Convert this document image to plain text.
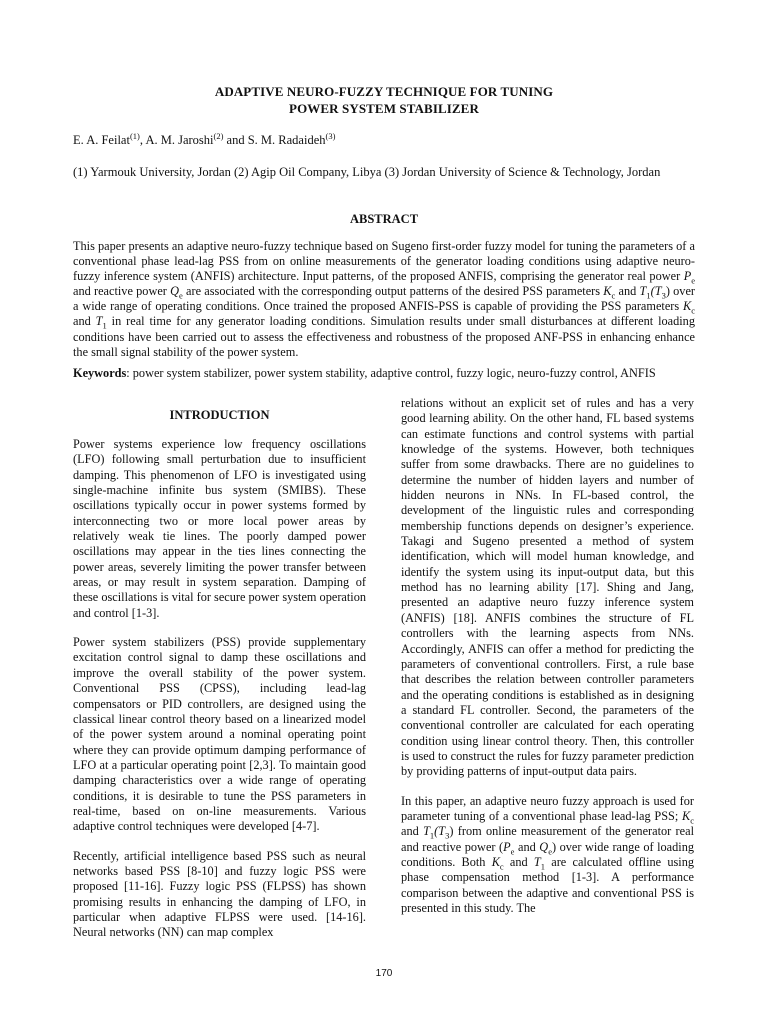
ADAPTIVE NEURO-FUZZY TECHNIQUE FOR TUNING
POWER SYSTEM STABILIZER
E. A. Feilat$^{(1)}$, A. M. Jaroshi$^{(2)}$ and S. M. Radaideh$^{(3)}$
(1) Yarmouk University, Jordan (2) Agip Oil Company, Libya (3) Jordan University of Science & Technology, Jordan
ABSTRACT
This paper presents an adaptive neuro-fuzzy technique based on Sugeno first-order fuzzy model for tuning the parameters of a conventional phase lead-lag PSS from on online measurements of the generator loading conditions using adaptive neuro-fuzzy inference system (ANFIS) architecture. Input patterns, of the proposed ANFIS, comprising the generator real power $P_e$ and reactive power $Q_e$ are associated with the corresponding output patterns of the desired PSS parameters $K_c$ and $T_1(T_3)$ over a wide range of operating conditions. Once trained the proposed ANFIS-PSS is capable of providing the PSS parameters $K_c$ and $T_1$ in real time for any generator loading conditions. Simulation results under small disturbances at different loading conditions have been carried out to assess the effectiveness and robustness of the proposed ANF-PSS in enhancing enhance the small signal stability of the power system.
Keywords: power system stabilizer, power system stability, adaptive control, fuzzy logic, neuro-fuzzy control, ANFIS
INTRODUCTION

Power systems experience low frequency oscillations (LFO) following small perturbation due to insufficient damping. This phenomenon of LFO is investigated using single-machine infinite bus system (SMIBS). These oscillations typically occur in power systems formed by interconnecting two or more local power areas by relatively weak tie lines. The poorly damped power oscillations may appear in the ties lines connecting the power areas, severely limiting the power transfer between areas, or may result in system separation. Damping of these oscillations is vital for secure power system operation and control [1-3].

Power system stabilizers (PSS) provide supplementary excitation control signal to damp these oscillations and improve the overall stability of the power system. Conventional PSS (CPSS), including lead-lag compensators or PID controllers, are designed using the classical linear control theory based on a linearized model of the power system around a nominal operating point where they can provide optimum damping performance of LFO at a particular operating point [2,3]. To maintain good damping characteristics over a wide range of operating conditions, it is desirable to tune the PSS parameters in real-time, based on on-line measurements. Various adaptive control techniques were developed [4-7].

Recently, artificial intelligence based PSS such as neural networks based PSS [8-10] and fuzzy logic PSS were proposed [11-16]. Fuzzy logic PSS (FLPSS) has shown promising results in enhancing the damping of LFO, in particular when adaptive FLPSS were used. [14-16]. Neural networks (NN) can map complex

relations without an explicit set of rules and has a very good learning ability. On the other hand, FL based systems can estimate functions and control systems with partial knowledge of the systems. However, both techniques suffer from some drawbacks. There are no guidelines to determine the number of hidden layers and number of hidden neurons in NNs. In FL-based control, the development of the linguistic rules and corresponding membership functions depends on designer’s experience. Takagi and Sugeno presented a method of system identification, which will model human knowledge, and identify the system using its input-output data, but this method has no learning ability [17]. Shing and Jang, presented an adaptive neuro fuzzy inference system (ANFIS) [18]. ANFIS combines the structure of FL controllers with the learning aspects from NNs. Accordingly, ANFIS can offer a method for predicting the parameters of conventional controllers. First, a rule base that describes the relation between controller parameters and the operating conditions is established as in designing a standard FL controller. Second, the parameters of the conventional controller are calculated for each operating condition using linear control theory. Then, this controller is used to construct the rules for fuzzy parameter prediction by providing patterns of input-output data pairs.

In this paper, an adaptive neuro fuzzy approach is used for parameter tuning of a conventional phase lead-lag PSS; $K_c$ and $T_1(T_3)$ from online measurement of the generator real and reactive power ($P_e$ and $Q_e$) over wide range of loading conditions. Both $K_c$ and $T_1$ are calculated offline using phase compensation method [1-3]. A performance comparison between the adaptive and conventional PSS is presented in this study. The

170
